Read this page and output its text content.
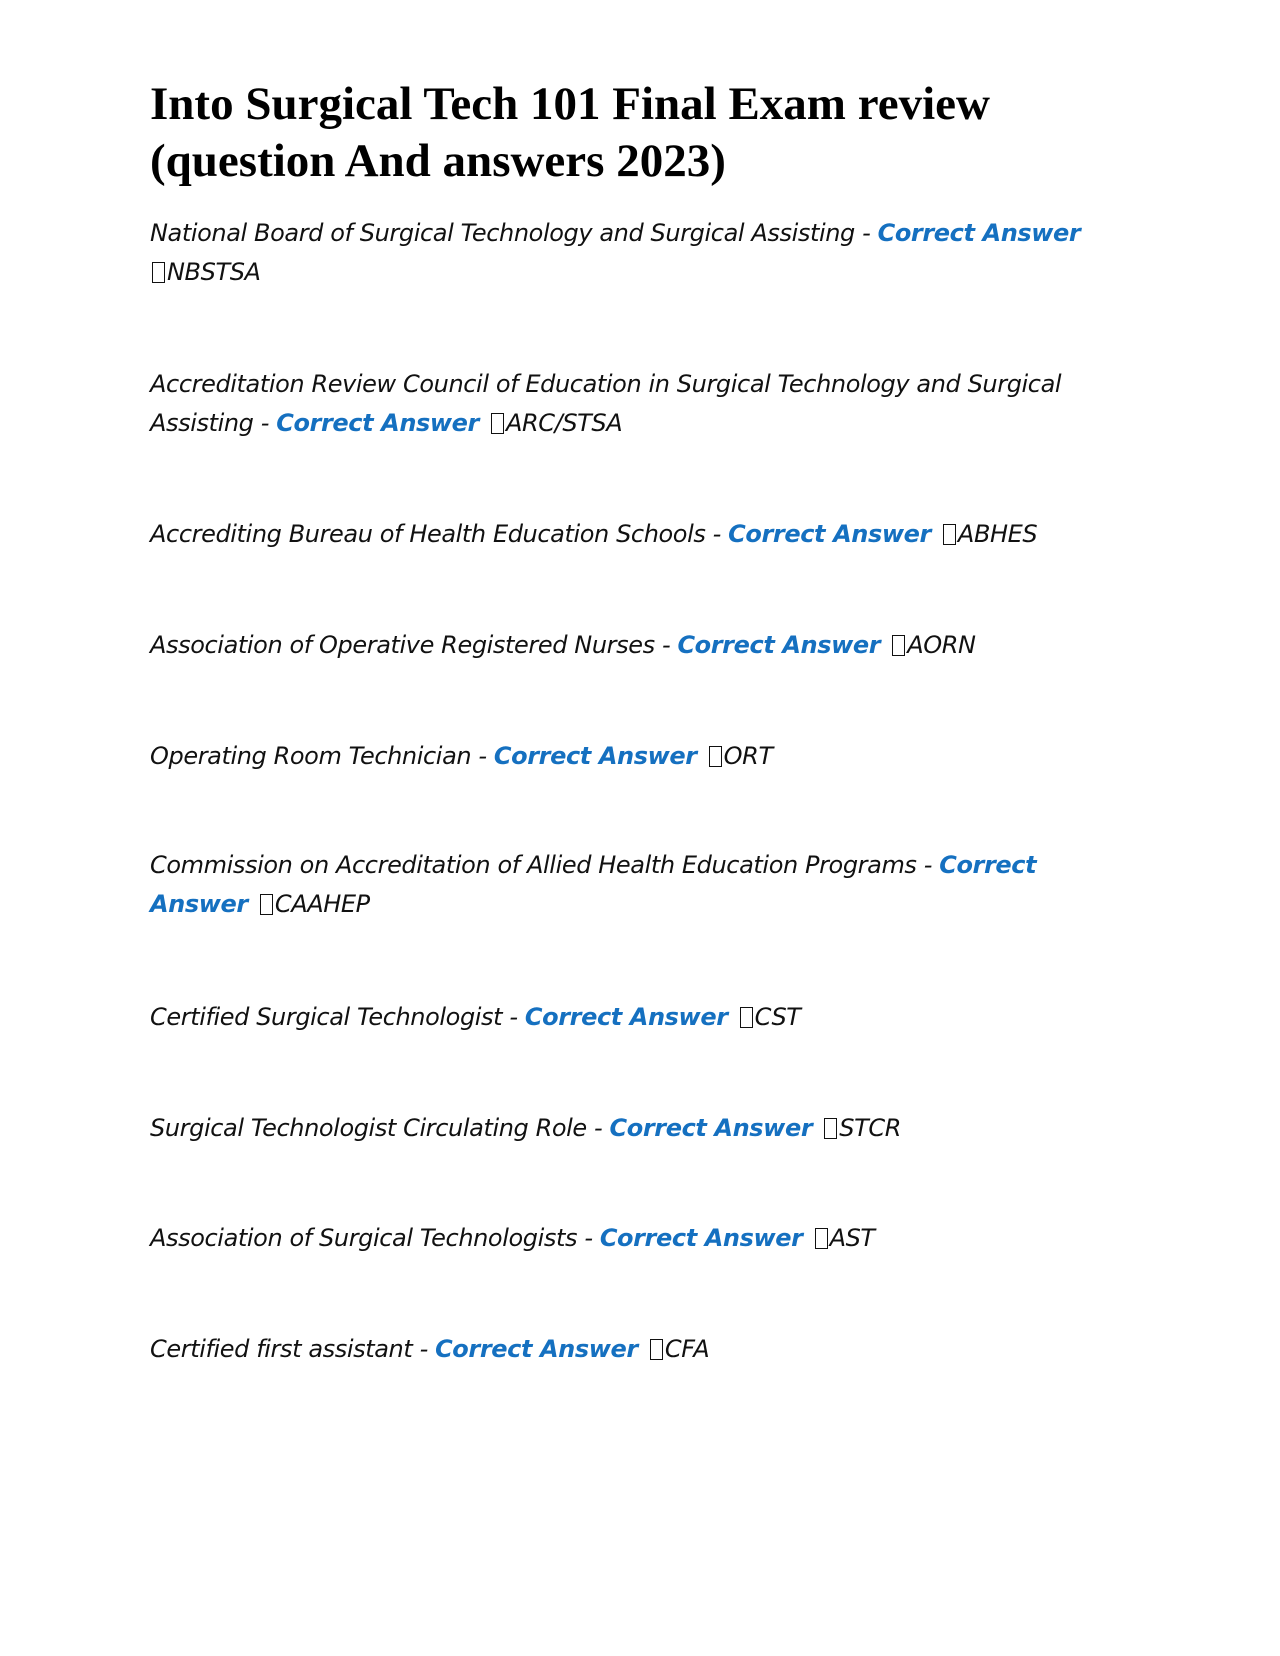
Into Surgical Tech 101 Final Exam review (question And answers 2023)

National Board of Surgical Technology and Surgical Assisting - Correct Answer
NBSTSA

Accreditation Review Council of Education in Surgical Technology and Surgical Assisting - Correct Answer ARC/STSA

Accrediting Bureau of Health Education Schools - Correct Answer ABHES

Association of Operative Registered Nurses - Correct Answer AORN

Operating Room Technician - Correct Answer ORT

Commission on Accreditation of Allied Health Education Programs - Correct Answer CAAHEP

Certified Surgical Technologist - Correct Answer CST

Surgical Technologist Circulating Role - Correct Answer STCR

Association of Surgical Technologists - Correct Answer AST

Certified first assistant - Correct Answer CFA
